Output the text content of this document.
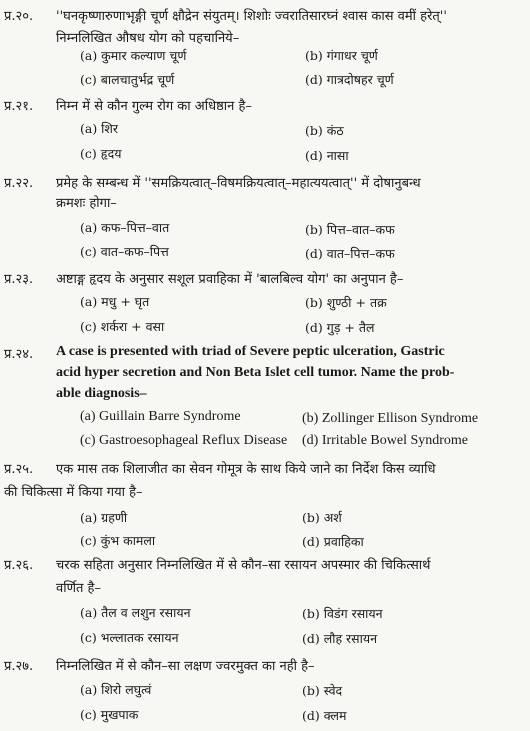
प्र.२०. ''घनकृष्णारुणाभृङ्गी चूर्ण क्षौद्रेन संयुतम्। शिशोः ज्वरातिसारघ्नं श्वास कास वमीं हरेत्''
निम्नलिखित औषध योग को पहचानिये–
(a) कुमार कल्याण चूर्ण	(b) गंगाधर चूर्ण
(c) बालचातुर्भद्र चूर्ण	(d) गात्रदोषहर चूर्ण
प्र.२१. निम्न में से कौन गुल्म रोग का अधिष्ठान है–
(a) शिर	(b) कंठ
(c) हृदय	(d) नासा
प्र.२२. प्रमेह के सम्बन्ध में ''समक्रियत्वात्–विषमक्रियत्वात्–महात्ययत्वात्'' में दोषानुबन्ध
क्रमशः होगा–
(a) कफ–पित्त–वात	(b) पित्त–वात–कफ
(c) वात–कफ–पित्त	(d) वात–पित्त–कफ
प्र.२३. अष्टाङ्ग हृदय के अनुसार सशूल प्रवाहिका में 'बालबिल्व योग' का अनुपान है–
(a) मधु + घृत	(b) शुण्ठी + तक्र
(c) शर्करा + वसा	(d) गुड़ + तैल
प्र.२४. A case is presented with triad of Severe peptic ulceration, Gastric
acid hyper secretion and Non Beta Islet cell tumor. Name the prob-
able diagnosis–
(a) Guillain Barre Syndrome	(b) Zollinger Ellison Syndrome
(c) Gastroesophageal Reflux Disease (d) Irritable Bowel Syndrome
प्र.२५. एक मास तक शिलाजीत का सेवन गोमूत्र के साथ किये जाने का निर्देश किस व्याधि
की चिकित्सा में किया गया है–
(a) ग्रहणी	(b) अर्श
(c) कुंभ कामला	(d) प्रवाहिका
प्र.२६. चरक सहिता अनुसार निम्नलिखित में से कौन–सा रसायन अपस्मार की चिकित्सार्थ
वर्णित है–
(a) तैल व लशुन रसायन	(b) विडंग रसायन
(c) भल्लातक रसायन	(d) लौह रसायन
प्र.२७. निम्नलिखित में से कौन–सा लक्षण ज्वरमुक्त का नही है–
(a) शिरो लघुत्वं	(b) स्वेद
(c) मुखपाक	(d) क्लम
